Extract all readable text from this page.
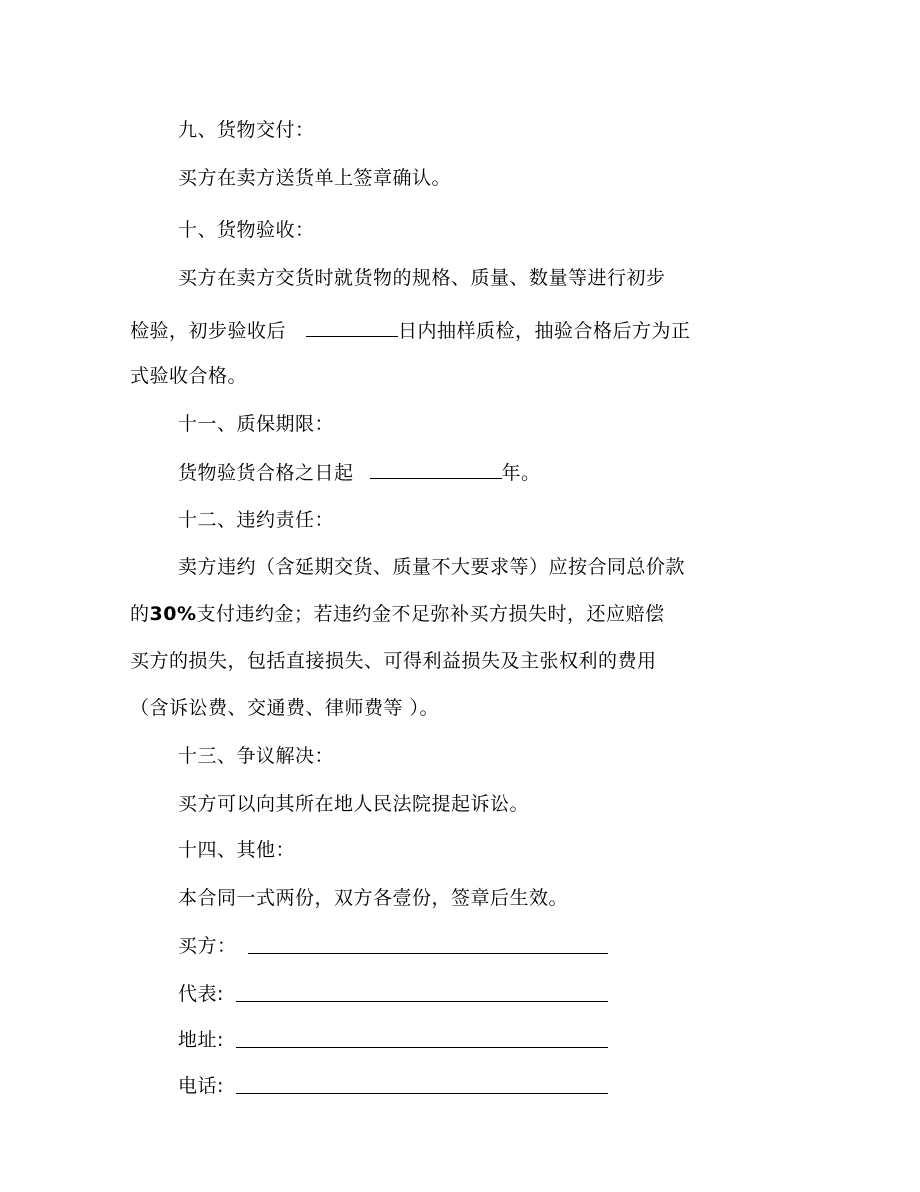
九、货物交付：
买方在卖方送货单上签章确认。
十、货物验收：
买方在卖方交货时就货物的规格、质量、数量等进行初步
检验，初步验收后	日内抽样质检，抽验合格后方为正
式验收合格。
十一、质保期限：
货物验货合格之日起	年。
十二、违约责任：
卖方违约（含延期交货、质量不大要求等）应按合同总价款
的30%支付违约金；若违约金不足弥补买方损失时，还应赔偿
买方的损失，包括直接损失、可得利益损失及主张权利的费用
（含诉讼费、交通费、律师费等 ）。
十三、争议解决：
买方可以向其所在地人民法院提起诉讼。
十四、其他：
本合同一式两份，双方各壹份，签章后生效。
买方：
代表:
地址:
电话:
